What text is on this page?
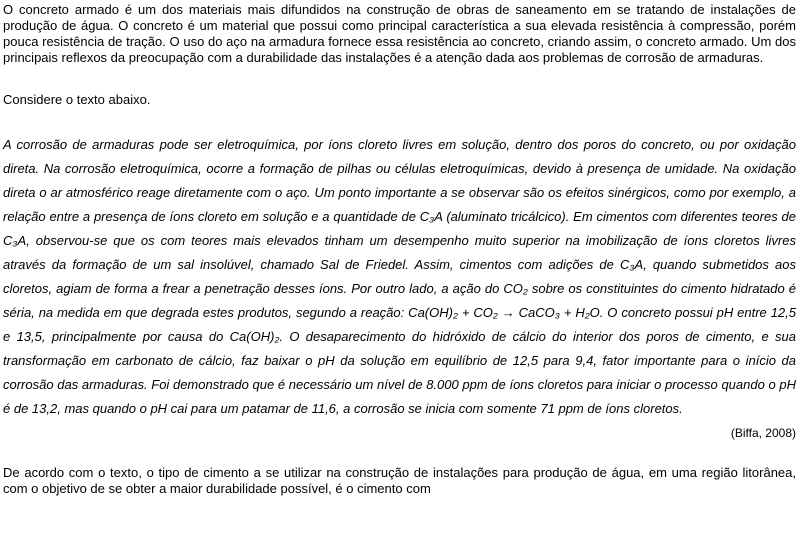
O concreto armado é um dos materiais mais difundidos na construção de obras de saneamento em se tratando de instalações de produção de água. O concreto é um material que possui como principal característica a sua elevada resistência à compressão, porém pouca resistência de tração. O uso do aço na armadura fornece essa resistência ao concreto, criando assim, o concreto armado. Um dos principais reflexos da preocupação com a durabilidade das instalações é a atenção dada aos problemas de corrosão de armaduras.

Considere o texto abaixo.

A corrosão de armaduras pode ser eletroquímica, por íons cloreto livres em solução, dentro dos poros do concreto, ou por oxidação direta. Na corrosão eletroquímica, ocorre a formação de pilhas ou células eletroquímicas, devido à presença de umidade. Na oxidação direta o ar atmosférico reage diretamente com o aço. Um ponto importante a se observar são os efeitos sinérgicos, como por exemplo, a relação entre a presença de íons cloreto em solução e a quantidade de C₃A (aluminato tricálcico). Em cimentos com diferentes teores de C₃A, observou-se que os com teores mais elevados tinham um desempenho muito superior na imobilização de íons cloretos livres através da formação de um sal insolúvel, chamado Sal de Friedel. Assim, cimentos com adições de C₃A, quando submetidos aos cloretos, agiam de forma a frear a penetração desses íons. Por outro lado, a ação do CO₂ sobre os constituintes do cimento hidratado é séria, na medida em que degrada estes produtos, segundo a reação: Ca(OH)₂ + CO₂ → CaCO₃ + H₂O. O concreto possui pH entre 12,5 e 13,5, principalmente por causa do Ca(OH)₂. O desaparecimento do hidróxido de cálcio do interior dos poros de cimento, e sua transformação em carbonato de cálcio, faz baixar o pH da solução em equilíbrio de 12,5 para 9,4, fator importante para o início da corrosão das armaduras. Foi demonstrado que é necessário um nível de 8.000 ppm de íons cloretos para iniciar o processo quando o pH é de 13,2, mas quando o pH cai para um patamar de 11,6, a corrosão se inicia com somente 71 ppm de íons cloretos.

(Biffa, 2008)

De acordo com o texto, o tipo de cimento a se utilizar na construção de instalações para produção de água, em uma região litorânea, com o objetivo de se obter a maior durabilidade possível, é o cimento com
